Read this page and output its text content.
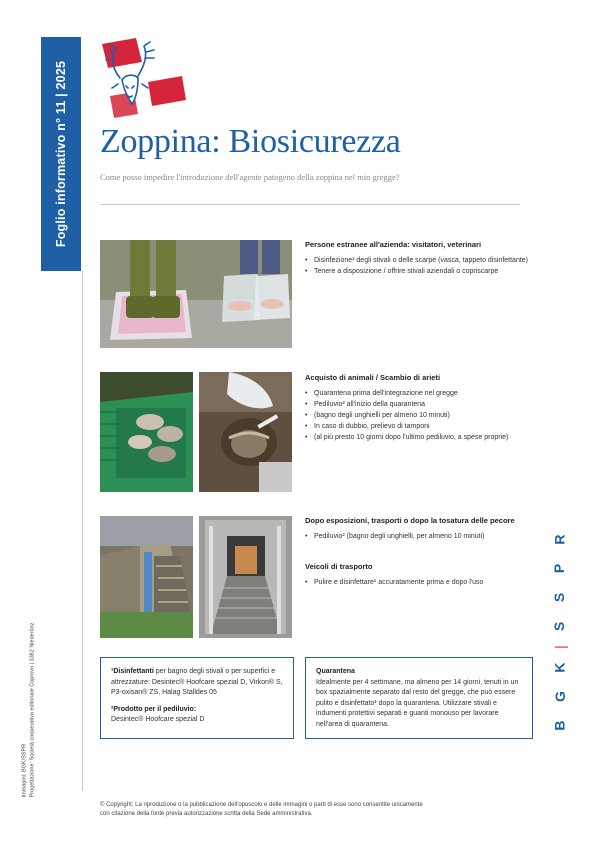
Foglio informativo n° 11 | 2025
Immagini: BGK/SSPR Progettazione: Società cooperativa editoriale Coprovo | 3362 Niederönz
Zoppina: Biosicurezza

Come posso impedire l'introduzione dell'agente patogeno della zoppina nel mio gregge?

Persone estranee all'azienda: visitatori, veterinari
• Disinfezione¹ degli stivali o delle scarpe (vasca, tappeto disinfettante)
• Tenere a disposizione / offrire stivali aziendali o copriscarpe
Acquisto di animali / Scambio di arieti
• Quarantena prima dell'integrazione nel gregge
• Pediluvio² all'inizio della quarantena
• (bagno degli unghielli per almeno 10 minuti)
• In caso di dubbio, prelievo di tamponi
• (al più presto 10 giorni dopo l'ultimo pediluvio, a spese proprie)
Dopo esposizioni, trasporti o dopo la tosatura delle pecore
• Pediluvio² (bagno degli unghielli, per almeno 10 minuti)
Veicoli di trasporto
• Pulire e disinfettare¹ accuratamente prima e dopo l'uso

¹Disinfettanti per bagno degli stivali o per superfici e attrezzature: Desintec® Hoofcare spezial D, Virkon® S, P3-oxisan® ZS, Halag Stalldes 05

²Prodotto per il pediluvio:
Desintec® Hoofcare spezial D

Quarantena

Idealmente per 4 settimane, ma almeno per 14 giorni, tenuti in un box spazialmente separato dal resto del gregge, che può essere pulito e disinfettato¹ dopo la quarantena. Utilizzare stivali e indumenti protettivi separati e guanti monouso per lavorare nell'area di quarantena.

© Copyright: La riproduzione o la pubblicazione dell'opuscolo e delle immagini o parti di esse sono consentite unicamente con citazione della fonte previa autorizzazione scritta della Sede amministrativa.
R
P
S
S
|
K
G
B
